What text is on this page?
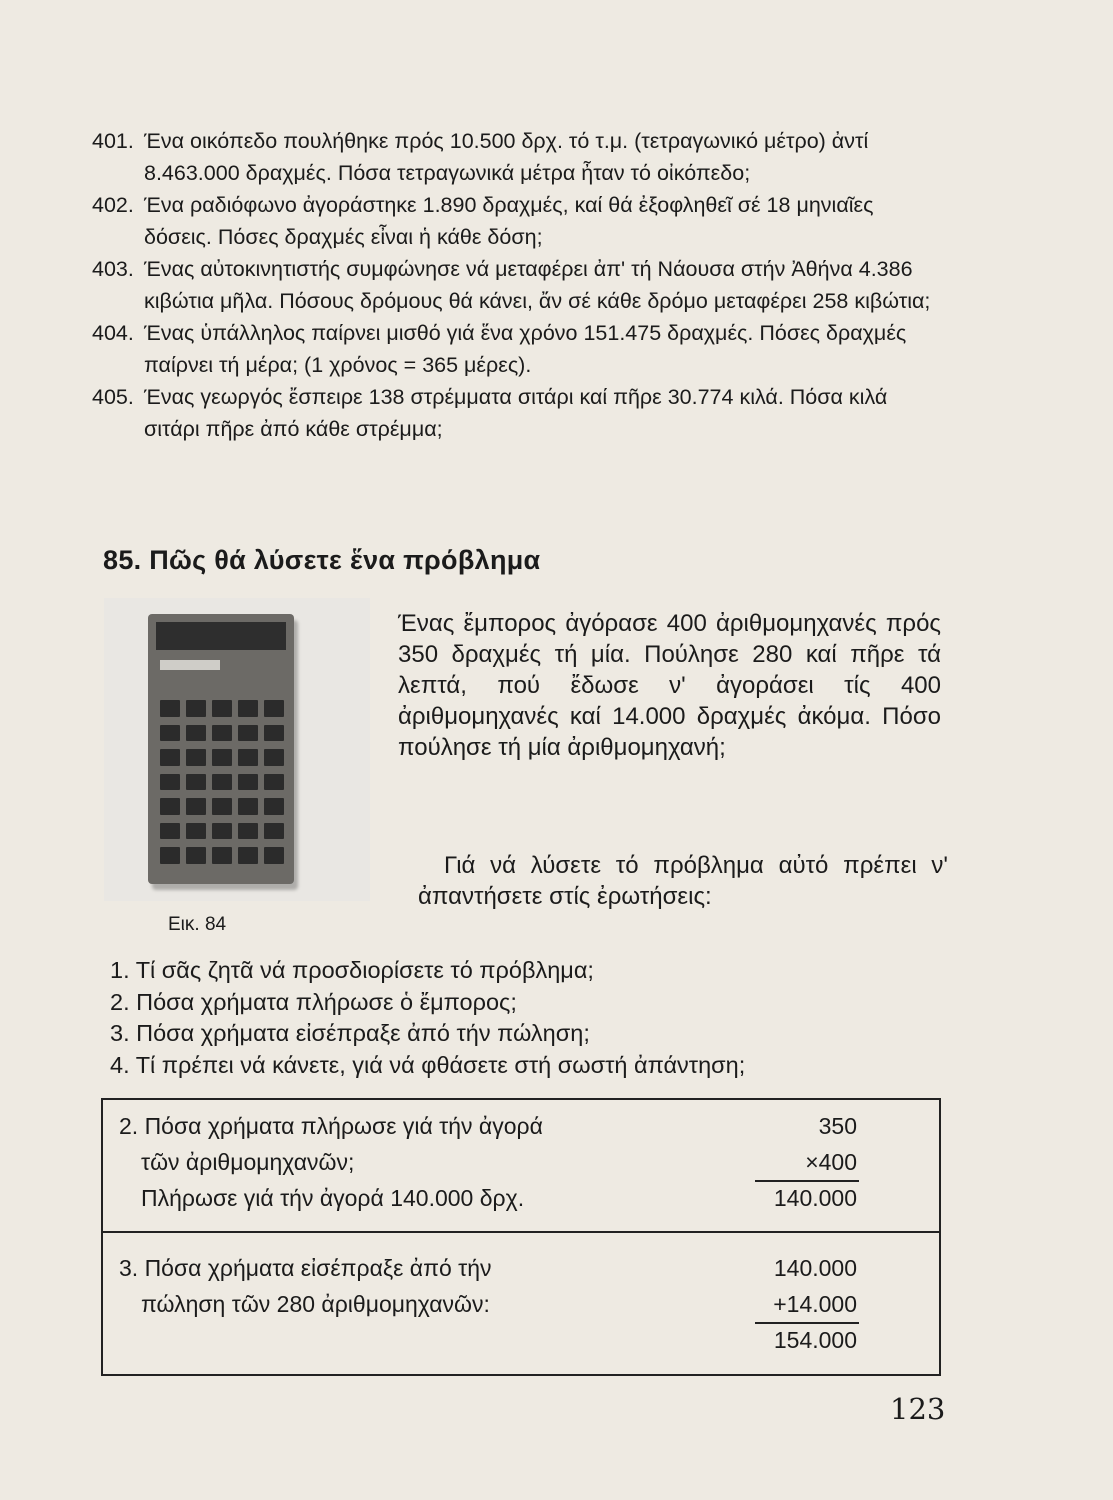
401. Ένα οικόπεδο πουλήθηκε πρός 10.500 δρχ. τό τ.μ. (τετραγωνικό μέτρο) ἀντί 8.463.000 δραχμές. Πόσα τετραγωνικά μέτρα ἦταν τό οἰκόπεδο;
402. Ένα ραδιόφωνο ἀγοράστηκε 1.890 δραχμές, καί θά ἐξοφληθεῖ σέ 18 μηνιαῖες δόσεις. Πόσες δραχμές εἶναι ἡ κάθε δόση;
403. Ένας αὐτοκινητιστής συμφώνησε νά μεταφέρει ἀπ' τή Νάουσα στήν Ἀθήνα 4.386 κιβώτια μῆλα. Πόσους δρόμους θά κάνει, ἄν σέ κάθε δρόμο μεταφέρει 258 κιβώτια;
404. Ένας ὑπάλληλος παίρνει μισθό γιά ἕνα χρόνο 151.475 δραχμές. Πόσες δραχμές παίρνει τή μέρα; (1 χρόνος = 365 μέρες).
405. Ένας γεωργός ἔσπειρε 138 στρέμματα σιτάρι καί πῆρε 30.774 κιλά. Πόσα κιλά σιτάρι πῆρε ἀπό κάθε στρέμμα;
85. Πῶς θά λύσετε ἕνα πρόβλημα
Εικ. 84

Ένας ἔμπορος ἀγόρασε 400 ἀριθμομηχανές πρός 350 δραχμές τή μία. Πούλησε 280 καί πῆρε τά λεπτά, πού ἔδωσε ν' ἀγοράσει τίς 400 ἀριθμομηχανές καί 14.000 δραχμές ἀκόμα. Πόσο πούλησε τή μία ἀριθμομηχανή;

Γιά νά λύσετε τό πρόβλημα αὐτό πρέπει ν' ἀπαντήσετε στίς ἐρωτήσεις:

1. Τί σᾶς ζητᾶ νά προσδιορίσετε τό πρόβλημα;
2. Πόσα χρήματα πλήρωσε ὁ ἔμπορος;
3. Πόσα χρήματα εἰσέπραξε ἀπό τήν πώληση;
4. Τί πρέπει νά κάνετε, γιά νά φθάσετε στή σωστή ἀπάντηση;
2. Πόσα χρήματα πλήρωσε γιά τήν ἀγορά
τῶν ἀριθμομηχανῶν;
Πλήρωσε γιά τήν ἀγορά 140.000 δρχ.
350
×400
140.000
3. Πόσα χρήματα εἰσέπραξε ἀπό τήν
πώληση τῶν 280 ἀριθμομηχανῶν:
140.000
+14.000
154.000
123
